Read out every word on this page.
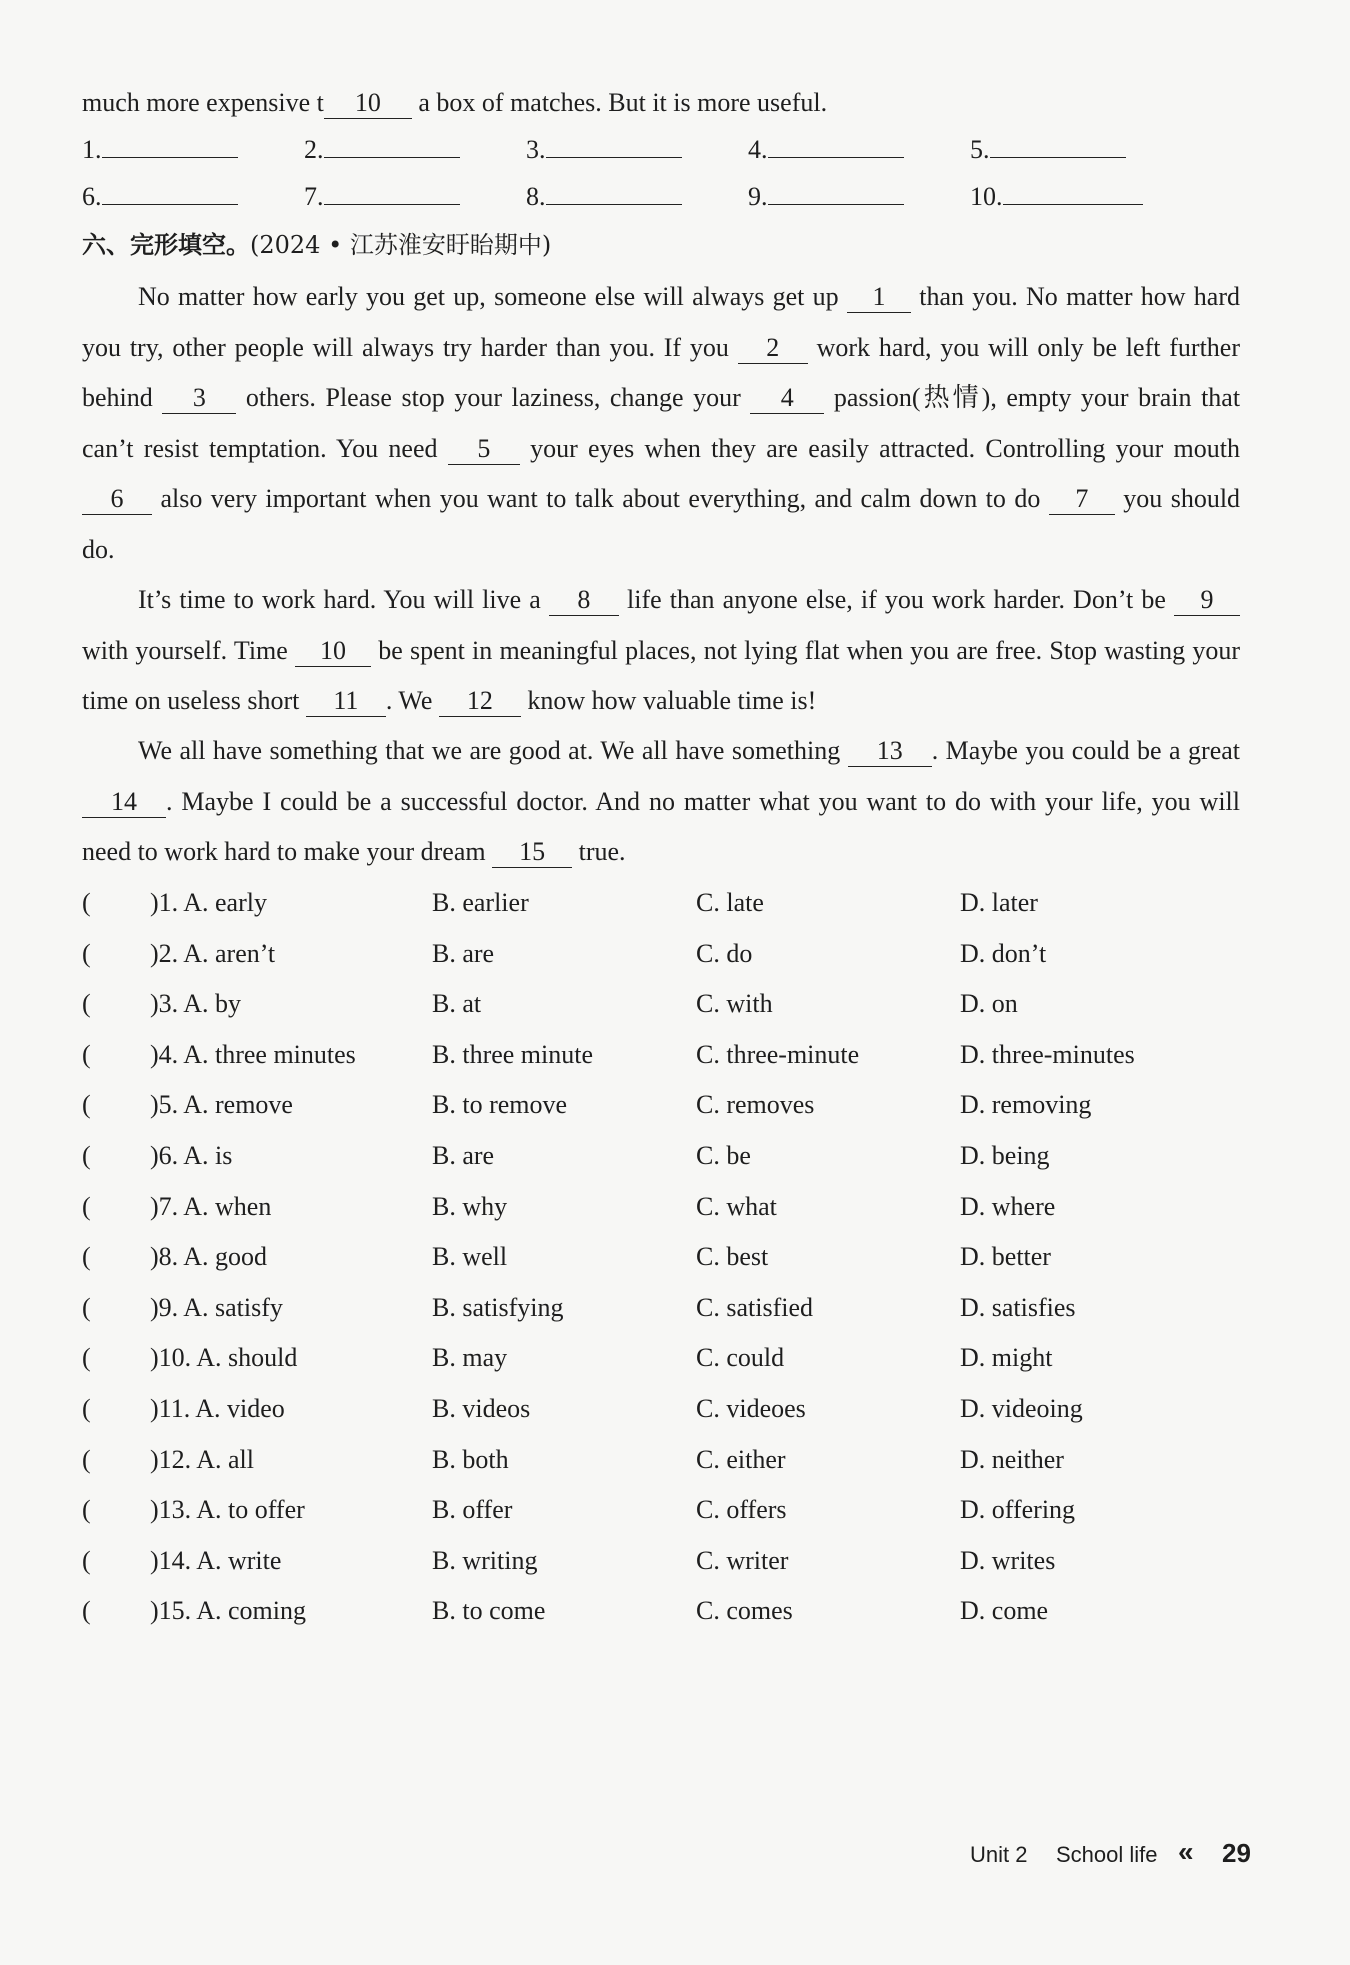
much more expensive t 10 a box of matches. But it is more useful.
1.	2.	3.	4.	5.
6.	7.	8.	9.	10.
六、完形填空。(2024 • 江苏淮安盱眙期中)
No matter how early you get up, someone else will always get up 1 than you. No matter how hard you try, other people will always try harder than you. If you 2 work hard, you will only be left further behind 3 others. Please stop your laziness, change your 4 passion(热情), empty your brain that can’t resist temptation. You need 5 your eyes when they are easily attracted. Controlling your mouth 6 also very important when you want to talk about everything, and calm down to do 7 you should do.
It’s time to work hard. You will live a 8 life than anyone else, if you work harder. Don’t be 9 with yourself. Time 10 be spent in meaningful places, not lying flat when you are free. Stop wasting your time on useless short 11 . We 12 know how valuable time is!
We all have something that we are good at. We all have something 13 . Maybe you could be a great 14 . Maybe I could be a successful doctor. And no matter what you want to do with your life, you will need to work hard to make your dream 15 true.
( )1. A. early	B. earlier	C. late	D. later
( )2. A. aren’t	B. are	C. do	D. don’t
( )3. A. by	B. at	C. with	D. on
( )4. A. three minutes	B. three minute	C. three-minute	D. three-minutes
( )5. A. remove	B. to remove	C. removes	D. removing
( )6. A. is	B. are	C. be	D. being
( )7. A. when	B. why	C. what	D. where
( )8. A. good	B. well	C. best	D. better
( )9. A. satisfy	B. satisfying	C. satisfied	D. satisfies
( )10. A. should	B. may	C. could	D. might
( )11. A. video	B. videos	C. videoes	D. videoing
( )12. A. all	B. both	C. either	D. neither
( )13. A. to offer	B. offer	C. offers	D. offering
( )14. A. write	B. writing	C. writer	D. writes
( )15. A. coming	B. to come	C. comes	D. come
Unit 2 School life « 29
